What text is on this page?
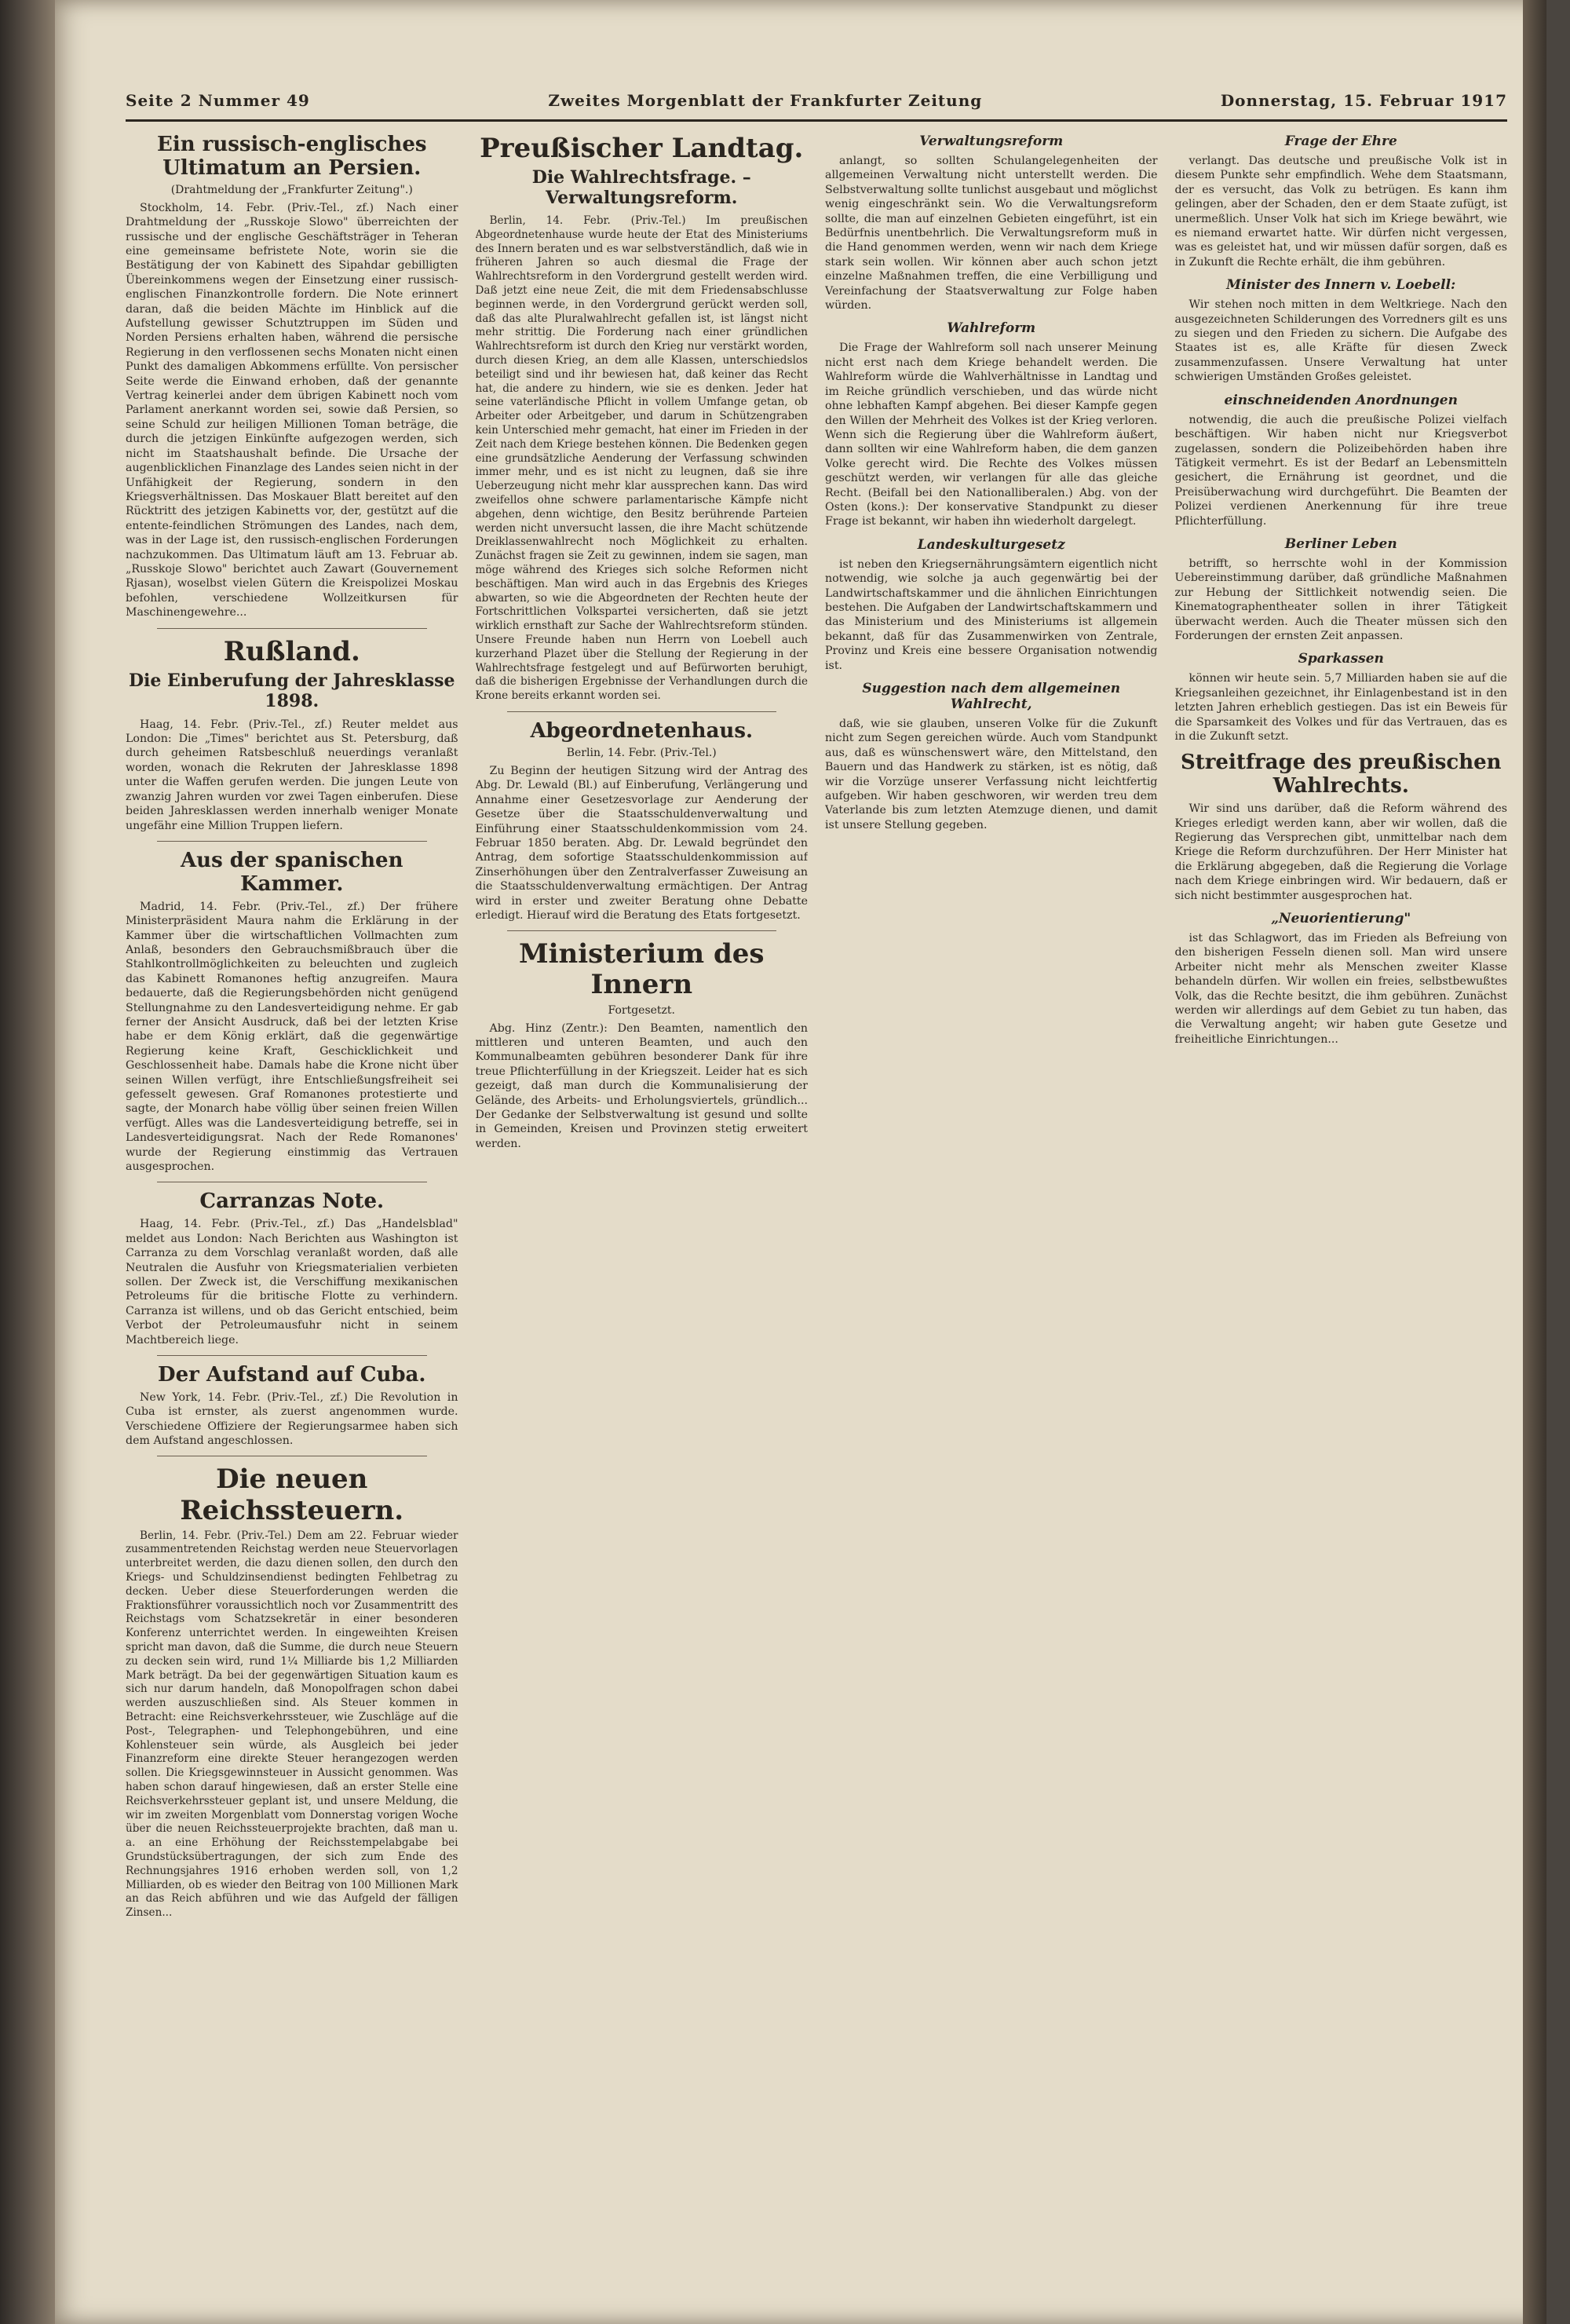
Seite 2 Nummer 49	Zweites Morgenblatt der Frankfurter Zeitung	Donnerstag, 15. Februar 1917
Ein russisch-englisches Ultimatum an Persien.
(Drahtmeldung der „Frankfurter Zeitung".)

Stockholm, 14. Febr. (Priv.-Tel., zf.) Nach einer Drahtmeldung der „Russkoje Slowo" überreichten der russische und der englische Geschäftsträger in Teheran eine gemeinsame befristete Note, worin sie die Bestätigung der von Kabinett des Sipahdar gebilligten Übereinkommens wegen der Einsetzung einer russisch-englischen Finanzkontrolle fordern. Die Note erinnert daran, daß die beiden Mächte im Hinblick auf die Aufstellung gewisser Schutztruppen im Süden und Norden Persiens erhalten haben, während die persische Regierung in den verflossenen sechs Monaten nicht einen Punkt des damaligen Abkommens erfüllte. Von persischer Seite werde die Einwand erhoben, daß der genannte Vertrag keinerlei ander dem übrigen Kabinett noch vom Parlament anerkannt worden sei, sowie daß Persien, so seine Schuld zur heiligen Millionen Toman beträge, die durch die jetzigen Einkünfte aufgezogen werden, sich nicht im Staatshaushalt befinde. Die Ursache der augenblicklichen Finanzlage des Landes seien nicht in der Unfähigkeit der Regierung, sondern in den Kriegsverhältnissen. Das Moskauer Blatt bereitet auf den Rücktritt des jetzigen Kabinetts vor, der, gestützt auf die entente-feindlichen Strömungen des Landes, nach dem, was in der Lage ist, den russisch-englischen Forderungen nachzukommen. Das Ultimatum läuft am 13. Februar ab. „Russkoje Slowo" berichtet auch Zawart (Gouvernement Rjasan), woselbst vielen Gütern die Kreispolizei Moskau befohlen, verschiedene Wollzeitkursen für Maschinengewehre...

Rußland.
Die Einberufung der Jahresklasse 1898.

Haag, 14. Febr. (Priv.-Tel., zf.) Reuter meldet aus London: Die „Times" berichtet aus St. Petersburg, daß durch geheimen Ratsbeschluß neuerdings veranlaßt worden, wonach die Rekruten der Jahresklasse 1898 unter die Waffen gerufen werden. Die jungen Leute von zwanzig Jahren wurden vor zwei Tagen einberufen. Diese beiden Jahresklassen werden innerhalb weniger Monate ungefähr eine Million Truppen liefern.

Aus der spanischen Kammer.

Madrid, 14. Febr. (Priv.-Tel., zf.) Der frühere Ministerpräsident Maura nahm die Erklärung in der Kammer über die wirtschaftlichen Vollmachten zum Anlaß, besonders den Gebrauchsmißbrauch über die Stahlkontrollmöglichkeiten zu beleuchten und zugleich das Kabinett Romanones heftig anzugreifen. Maura bedauerte, daß die Regierungsbehörden nicht genügend Stellungnahme zu den Landesverteidigung nehme. Er gab ferner der Ansicht Ausdruck, daß bei der letzten Krise habe er dem König erklärt, daß die gegenwärtige Regierung keine Kraft, Geschicklichkeit und Geschlossenheit habe. Damals habe die Krone nicht über seinen Willen verfügt, ihre Entschließungsfreiheit sei gefesselt gewesen. Graf Romanones protestierte und sagte, der Monarch habe völlig über seinen freien Willen verfügt. Alles was die Landesverteidigung betreffe, sei in Landesverteidigungsrat. Nach der Rede Romanones' wurde der Regierung einstimmig das Vertrauen ausgesprochen.

Carranzas Note.

Haag, 14. Febr. (Priv.-Tel., zf.) Das „Handelsblad" meldet aus London: Nach Berichten aus Washington ist Carranza zu dem Vorschlag veranlaßt worden, daß alle Neutralen die Ausfuhr von Kriegsmaterialien verbieten sollen. Der Zweck ist, die Verschiffung mexikanischen Petroleums für die britische Flotte zu verhindern. Carranza ist willens, und ob das Gericht entschied, beim Verbot der Petroleumausfuhr nicht in seinem Machtbereich liege.

Der Aufstand auf Cuba.

New York, 14. Febr. (Priv.-Tel., zf.) Die Revolution in Cuba ist ernster, als zuerst angenommen wurde. Verschiedene Offiziere der Regierungsarmee haben sich dem Aufstand angeschlossen.

Die neuen Reichssteuern.

Berlin, 14. Febr. (Priv.-Tel.) Dem am 22. Februar wieder zusammentretenden Reichstag werden neue Steuervorlagen unterbreitet werden, die dazu dienen sollen, den durch den Kriegs- und Schuldzinsendienst bedingten Fehlbetrag zu decken. Ueber diese Steuerforderungen werden die Fraktionsführer voraussichtlich noch vor Zusammentritt des Reichstags vom Schatzsekretär in einer besonderen Konferenz unterrichtet werden. In eingeweihten Kreisen spricht man davon, daß die Summe, die durch neue Steuern zu decken sein wird, rund 1¼ Milliarde bis 1,2 Milliarden Mark beträgt. Da bei der gegenwärtigen Situation kaum es sich nur darum handeln, daß Monopolfragen schon dabei werden auszuschließen sind. Als Steuer kommen in Betracht: eine Reichsverkehrssteuer, wie Zuschläge auf die Post-, Telegraphen- und Telephongebühren, und eine Kohlensteuer sein würde, als Ausgleich bei jeder Finanzreform eine direkte Steuer herangezogen werden sollen. Die Kriegsgewinnsteuer in Aussicht genommen. Was haben schon darauf hingewiesen, daß an erster Stelle eine Reichsverkehrssteuer geplant ist, und unsere Meldung, die wir im zweiten Morgenblatt vom Donnerstag vorigen Woche über die neuen Reichssteuerprojekte brachten, daß man u. a. an eine Erhöhung der Reichsstempelabgabe bei Grundstücksübertragungen, der sich zum Ende des Rechnungsjahres 1916 erhoben werden soll, von 1,2 Milliarden, ob es wieder den Beitrag von 100 Millionen Mark an das Reich abführen und wie das Aufgeld der fälligen Zinsen...

Preußischer Landtag.
Die Wahlrechtsfrage. – Verwaltungsreform.

Berlin, 14. Febr. (Priv.-Tel.) Im preußischen Abgeordnetenhause wurde heute der Etat des Ministeriums des Innern beraten und es war selbstverständlich, daß wie in früheren Jahren so auch diesmal die Frage der Wahlrechtsreform in den Vordergrund gestellt werden wird. Daß jetzt eine neue Zeit, die mit dem Friedensabschlusse beginnen werde, in den Vordergrund gerückt werden soll, daß das alte Pluralwahlrecht gefallen ist, ist längst nicht mehr strittig. Die Forderung nach einer gründlichen Wahlrechtsreform ist durch den Krieg nur verstärkt worden, durch diesen Krieg, an dem alle Klassen, unterschiedslos beteiligt sind und ihr bewiesen hat, daß keiner das Recht hat, die andere zu hindern, wie sie es denken. Jeder hat seine vaterländische Pflicht in vollem Umfange getan, ob Arbeiter oder Arbeitgeber, und darum in Schützengraben kein Unterschied mehr gemacht, hat einer im Frieden in der Zeit nach dem Kriege bestehen können. Die Bedenken gegen eine grundsätzliche Aenderung der Verfassung schwinden immer mehr, und es ist nicht zu leugnen, daß sie ihre Ueberzeugung nicht mehr klar aussprechen kann. Das wird zweifellos ohne schwere parlamentarische Kämpfe nicht abgehen, denn wichtige, den Besitz berührende Parteien werden nicht unversucht lassen, die ihre Macht schützende Dreiklassenwahlrecht noch Möglichkeit zu erhalten. Zunächst fragen sie Zeit zu gewinnen, indem sie sagen, man möge während des Krieges sich solche Reformen nicht beschäftigen. Man wird auch in das Ergebnis des Krieges abwarten, so wie die Abgeordneten der Rechten heute der Fortschrittlichen Volkspartei versicherten, daß sie jetzt wirklich ernsthaft zur Sache der Wahlrechtsreform stünden. Unsere Freunde haben nun Herrn von Loebell auch kurzerhand Plazet über die Stellung der Regierung in der Wahlrechtsfrage festgelegt und auf Befürworten beruhigt, daß die bisherigen Ergebnisse der Verhandlungen durch die Krone bereits erkannt worden sei.

Abgeordnetenhaus.
Berlin, 14. Febr. (Priv.-Tel.)

Zu Beginn der heutigen Sitzung wird der Antrag des Abg. Dr. Lewald (Bl.) auf Einberufung, Verlängerung und Annahme einer Gesetzesvorlage zur Aenderung der Gesetze über die Staatsschuldenverwaltung und Einführung einer Staatsschuldenkommission vom 24. Februar 1850 beraten. Abg. Dr. Lewald begründet den Antrag, dem sofortige Staatsschuldenkommission auf Zinserhöhungen über den Zentralverfasser Zuweisung an die Staatsschuldenverwaltung ermächtigen. Der Antrag wird in erster und zweiter Beratung ohne Debatte erledigt. Hierauf wird die Beratung des Etats fortgesetzt.

Ministerium des Innern
Fortgesetzt.

Abg. Hinz (Zentr.): Den Beamten, namentlich den mittleren und unteren Beamten, und auch den Kommunalbeamten gebühren besonderer Dank für ihre treue Pflichterfüllung in der Kriegszeit. Leider hat es sich gezeigt, daß man durch die Kommunalisierung der Gelände, des Arbeits- und Erholungsviertels, gründlich... Der Gedanke der Selbstverwaltung ist gesund und sollte in Gemeinden, Kreisen und Provinzen stetig erweitert werden.

Verwaltungsreform

anlangt, so sollten Schulangelegenheiten der allgemeinen Verwaltung nicht unterstellt werden. Die Selbstverwaltung sollte tunlichst ausgebaut und möglichst wenig eingeschränkt sein. Wo die Verwaltungsreform sollte, die man auf einzelnen Gebieten eingeführt, ist ein Bedürfnis unentbehrlich. Die Verwaltungsreform muß in die Hand genommen werden, wenn wir nach dem Kriege stark sein wollen. Wir können aber auch schon jetzt einzelne Maßnahmen treffen, die eine Verbilligung und Vereinfachung der Staatsverwaltung zur Folge haben würden.

Wahlreform

Die Frage der Wahlreform soll nach unserer Meinung nicht erst nach dem Kriege behandelt werden. Die Wahlreform würde die Wahlverhältnisse in Landtag und im Reiche gründlich verschieben, und das würde nicht ohne lebhaften Kampf abgehen. Bei dieser Kampfe gegen den Willen der Mehrheit des Volkes ist der Krieg verloren. Wenn sich die Regierung über die Wahlreform äußert, dann sollten wir eine Wahlreform haben, die dem ganzen Volke gerecht wird. Die Rechte des Volkes müssen geschützt werden, wir verlangen für alle das gleiche Recht. (Beifall bei den Nationalliberalen.) Abg. von der Osten (kons.): Der konservative Standpunkt zu dieser Frage ist bekannt, wir haben ihn wiederholt dargelegt.

Landeskulturgesetz

ist neben den Kriegsernährungsämtern eigentlich nicht notwendig, wie solche ja auch gegenwärtig bei der Landwirtschaftskammer und die ähnlichen Einrichtungen bestehen. Die Aufgaben der Landwirtschaftskammern und das Ministerium und des Ministeriums ist allgemein bekannt, daß für das Zusammenwirken von Zentrale, Provinz und Kreis eine bessere Organisation notwendig ist.

Suggestion nach dem allgemeinen Wahlrecht,

daß, wie sie glauben, unseren Volke für die Zukunft nicht zum Segen gereichen würde. Auch vom Standpunkt aus, daß es wünschenswert wäre, den Mittelstand, den Bauern und das Handwerk zu stärken, ist es nötig, daß wir die Vorzüge unserer Verfassung nicht leichtfertig aufgeben. Wir haben geschworen, wir werden treu dem Vaterlande bis zum letzten Atemzuge dienen, und damit ist unsere Stellung gegeben.

Frage der Ehre

verlangt. Das deutsche und preußische Volk ist in diesem Punkte sehr empfindlich. Wehe dem Staatsmann, der es versucht, das Volk zu betrügen. Es kann ihm gelingen, aber der Schaden, den er dem Staate zufügt, ist unermeßlich. Unser Volk hat sich im Kriege bewährt, wie es niemand erwartet hatte. Wir dürfen nicht vergessen, was es geleistet hat, und wir müssen dafür sorgen, daß es in Zukunft die Rechte erhält, die ihm gebühren.

Minister des Innern v. Loebell:

Wir stehen noch mitten in dem Weltkriege. Nach den ausgezeichneten Schilderungen des Vorredners gilt es uns zu siegen und den Frieden zu sichern. Die Aufgabe des Staates ist es, alle Kräfte für diesen Zweck zusammenzufassen. Unsere Verwaltung hat unter schwierigen Umständen Großes geleistet.

einschneidenden Anordnungen

notwendig, die auch die preußische Polizei vielfach beschäftigen. Wir haben nicht nur Kriegsverbot zugelassen, sondern die Polizeibehörden haben ihre Tätigkeit vermehrt. Es ist der Bedarf an Lebensmitteln gesichert, die Ernährung ist geordnet, und die Preisüberwachung wird durchgeführt. Die Beamten der Polizei verdienen Anerkennung für ihre treue Pflichterfüllung.

Berliner Leben

betrifft, so herrschte wohl in der Kommission Uebereinstimmung darüber, daß gründliche Maßnahmen zur Hebung der Sittlichkeit notwendig seien. Die Kinematographentheater sollen in ihrer Tätigkeit überwacht werden. Auch die Theater müssen sich den Forderungen der ernsten Zeit anpassen.

Sparkassen

können wir heute sein. 5,7 Milliarden haben sie auf die Kriegsanleihen gezeichnet, ihr Einlagenbestand ist in den letzten Jahren erheblich gestiegen. Das ist ein Beweis für die Sparsamkeit des Volkes und für das Vertrauen, das es in die Zukunft setzt.

Streitfrage des preußischen Wahlrechts.

Wir sind uns darüber, daß die Reform während des Krieges erledigt werden kann, aber wir wollen, daß die Regierung das Versprechen gibt, unmittelbar nach dem Kriege die Reform durchzuführen. Der Herr Minister hat die Erklärung abgegeben, daß die Regierung die Vorlage nach dem Kriege einbringen wird. Wir bedauern, daß er sich nicht bestimmter ausgesprochen hat.

„Neuorientierung"

ist das Schlagwort, das im Frieden als Befreiung von den bisherigen Fesseln dienen soll. Man wird unsere Arbeiter nicht mehr als Menschen zweiter Klasse behandeln dürfen. Wir wollen ein freies, selbstbewußtes Volk, das die Rechte besitzt, die ihm gebühren. Zunächst werden wir allerdings auf dem Gebiet zu tun haben, das die Verwaltung angeht; wir haben gute Gesetze und freiheitliche Einrichtungen...
